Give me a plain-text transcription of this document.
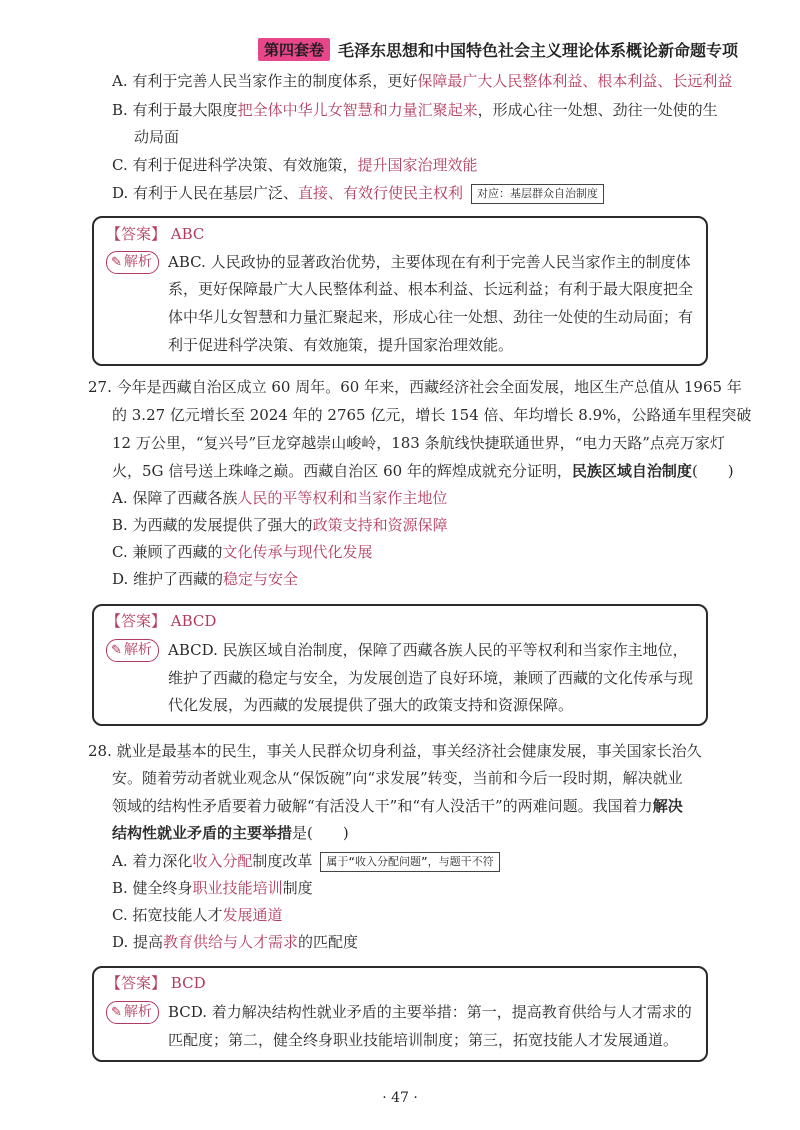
第四套卷 毛泽东思想和中国特色社会主义理论体系概论新命题专项
A. 有利于完善人民当家作主的制度体系，更好保障最广大人民整体利益、根本利益、长远利益
B. 有利于最大限度把全体中华儿女智慧和力量汇聚起来，形成心往一处想、劲往一处使的生
动局面
C. 有利于促进科学决策、有效施策，提升国家治理效能
D. 有利于人民在基层广泛、直接、有效行使民主权利 对应：基层群众自治制度
【答案】 ABC
✎ 解析	ABC. 人民政协的显著政治优势，主要体现在有利于完善人民当家作主的制度体
系，更好保障最广大人民整体利益、根本利益、长远利益；有利于最大限度把全
体中华儿女智慧和力量汇聚起来，形成心往一处想、劲往一处使的生动局面；有
利于促进科学决策、有效施策，提升国家治理效能。
27. 今年是西藏自治区成立 60 周年。60 年来，西藏经济社会全面发展，地区生产总值从 1965 年
的 3.27 亿元增长至 2024 年的 2765 亿元，增长 154 倍、年均增长 8.9%，公路通车里程突破
12 万公里，“复兴号”巨龙穿越崇山峻岭，183 条航线快捷联通世界，“电力天路”点亮万家灯
火，5G 信号送上珠峰之巅。西藏自治区 60 年的辉煌成就充分证明，民族区域自治制度(　　)
A. 保障了西藏各族人民的平等权利和当家作主地位
B. 为西藏的发展提供了强大的政策支持和资源保障
C. 兼顾了西藏的文化传承与现代化发展
D. 维护了西藏的稳定与安全
【答案】 ABCD
✎ 解析	ABCD. 民族区域自治制度，保障了西藏各族人民的平等权利和当家作主地位，
维护了西藏的稳定与安全，为发展创造了良好环境，兼顾了西藏的文化传承与现
代化发展，为西藏的发展提供了强大的政策支持和资源保障。
28. 就业是最基本的民生，事关人民群众切身利益，事关经济社会健康发展，事关国家长治久
安。随着劳动者就业观念从“保饭碗”向“求发展”转变，当前和今后一段时期，解决就业
领域的结构性矛盾要着力破解“有活没人干”和“有人没活干”的两难问题。我国着力解决
结构性就业矛盾的主要举措是(　　)
A. 着力深化收入分配制度改革 属于“收入分配问题”，与题干不符
B. 健全终身职业技能培训制度
C. 拓宽技能人才发展通道
D. 提高教育供给与人才需求的匹配度
【答案】 BCD
✎ 解析	BCD. 着力解决结构性就业矛盾的主要举措：第一，提高教育供给与人才需求的
匹配度；第二，健全终身职业技能培训制度；第三，拓宽技能人才发展通道。
· 47 ·
